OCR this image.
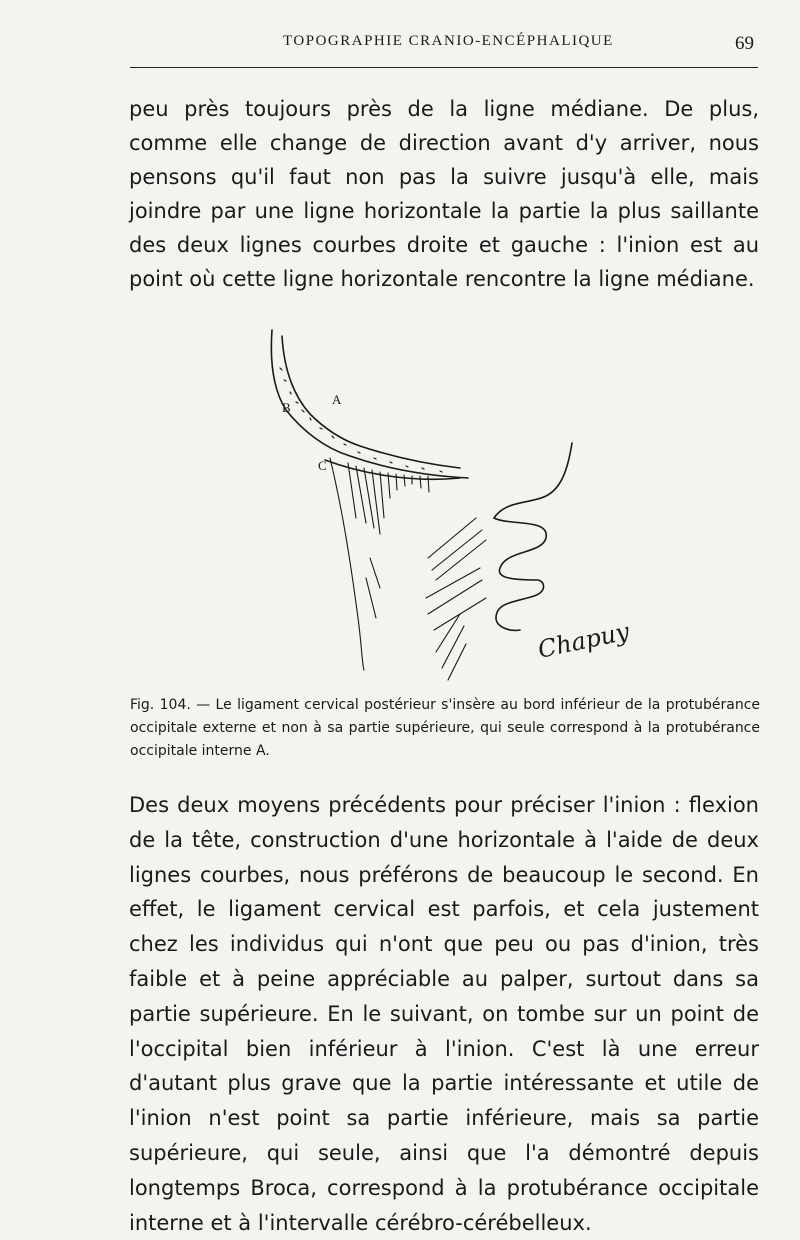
TOPOGRAPHIE CRANIO-ENCÉPHALIQUE	69

peu près toujours près de la ligne médiane. De plus, comme elle change de direction avant d'y arriver, nous pensons qu'il faut non pas la suivre jusqu'à elle, mais joindre par une ligne horizontale la partie la plus saillante des deux lignes courbes droite et gauche : l'inion est au point où cette ligne horizontale rencontre la ligne médiane.

A
B
C
Chapuy

Fig. 104. — Le ligament cervical postérieur s'insère au bord inférieur de la protubérance occipitale externe et non à sa partie supérieure, qui seule correspond à la protubérance occipitale interne A.

Des deux moyens précédents pour préciser l'inion : flexion de la tête, construction d'une horizontale à l'aide de deux lignes courbes, nous préférons de beaucoup le second. En effet, le ligament cervical est parfois, et cela justement chez les individus qui n'ont que peu ou pas d'inion, très faible et à peine appréciable au palper, surtout dans sa partie supérieure. En le suivant, on tombe sur un point de l'occipital bien inférieur à l'inion. C'est là une erreur d'autant plus grave que la partie intéressante et utile de l'inion n'est point sa partie inférieure, mais sa partie supérieure, qui seule, ainsi que l'a démontré depuis longtemps Broca, correspond à la protubérance occipitale interne et à l'intervalle cérébro-cérébelleux.
